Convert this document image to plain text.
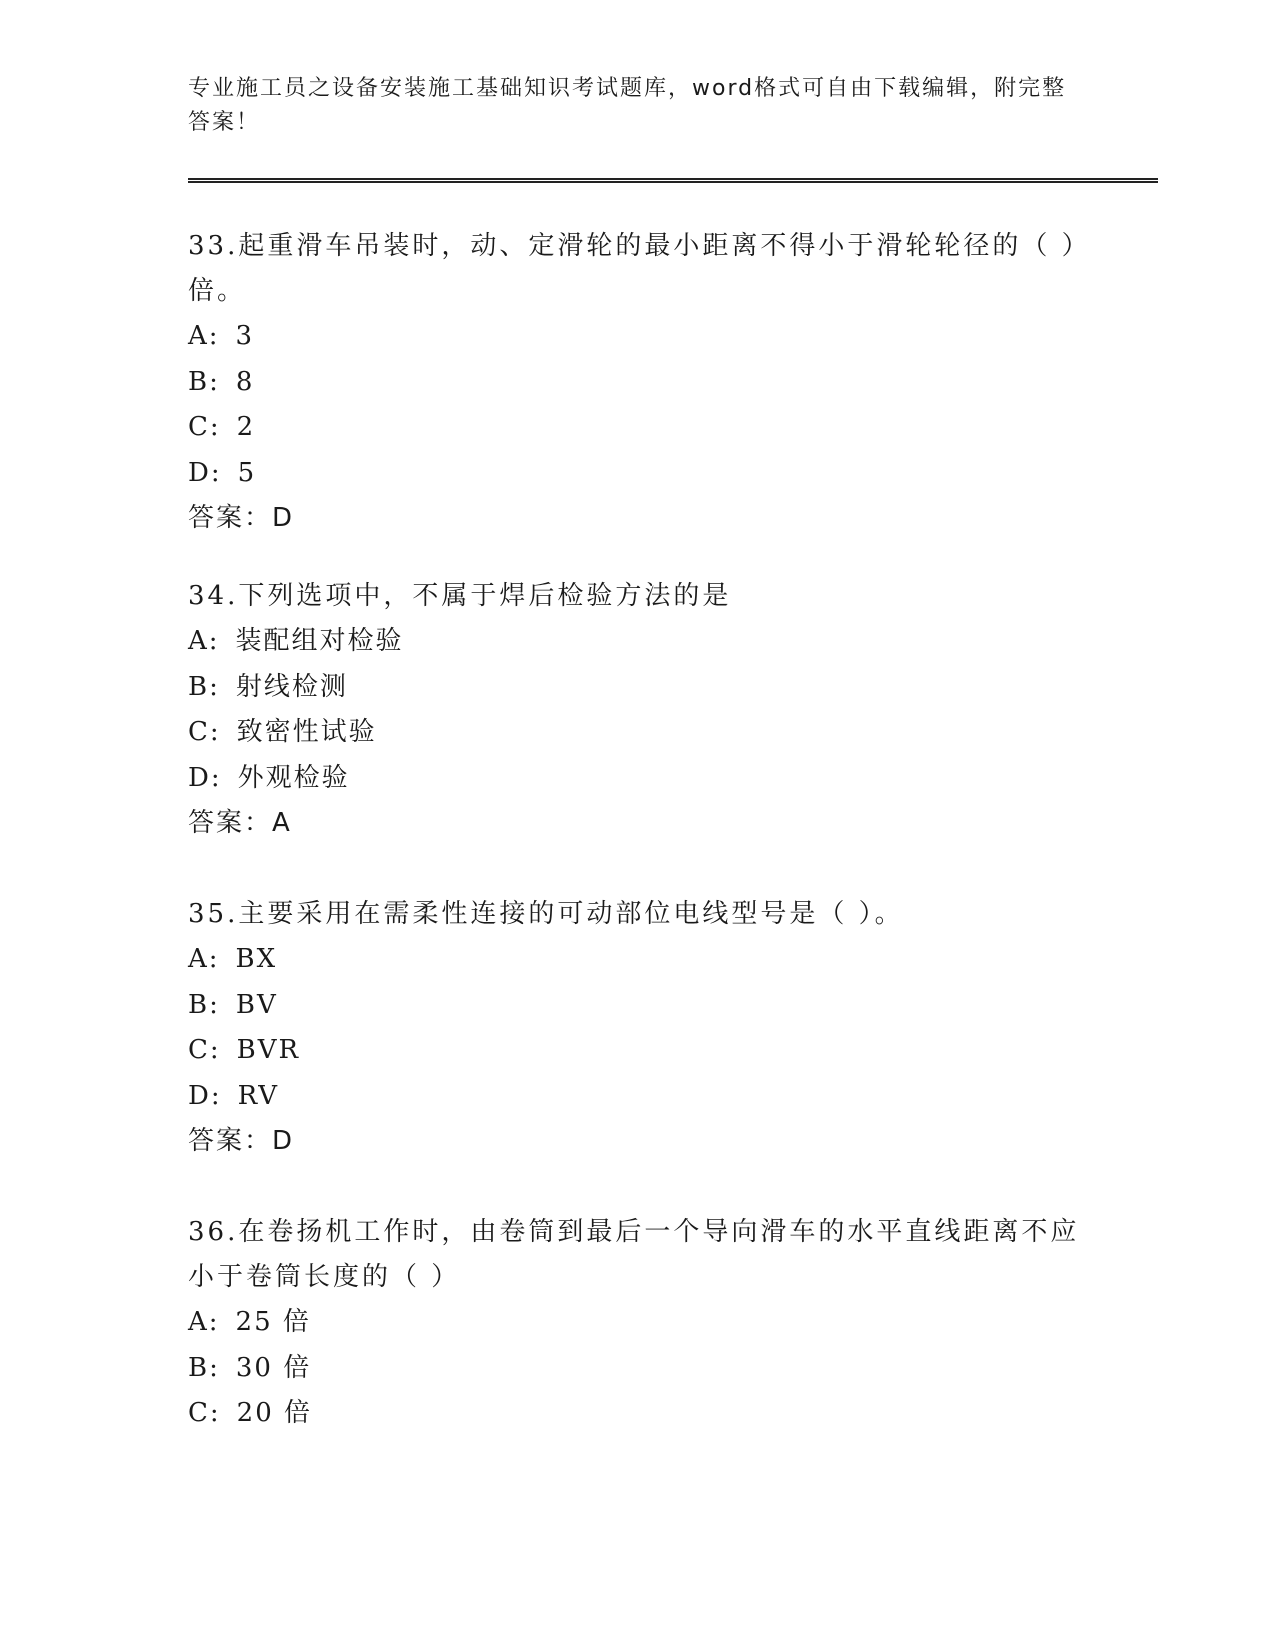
专业施工员之设备安装施工基础知识考试题库，word格式可自由下载编辑，附完整答案！

33.起重滑车吊装时，动、定滑轮的最小距离不得小于滑轮轮径的（ ）倍。

A: 3

B: 8

C: 2

D: 5

答案：D

34.下列选项中，不属于焊后检验方法的是

A: 装配组对检验

B: 射线检测

C: 致密性试验

D: 外观检验

答案：A

35.主要采用在需柔性连接的可动部位电线型号是（ ）。

A: BX

B: BV

C: BVR

D: RV

答案：D

36.在卷扬机工作时，由卷筒到最后一个导向滑车的水平直线距离不应小于卷筒长度的（ ）

A: 25 倍

B: 30 倍

C: 20 倍
